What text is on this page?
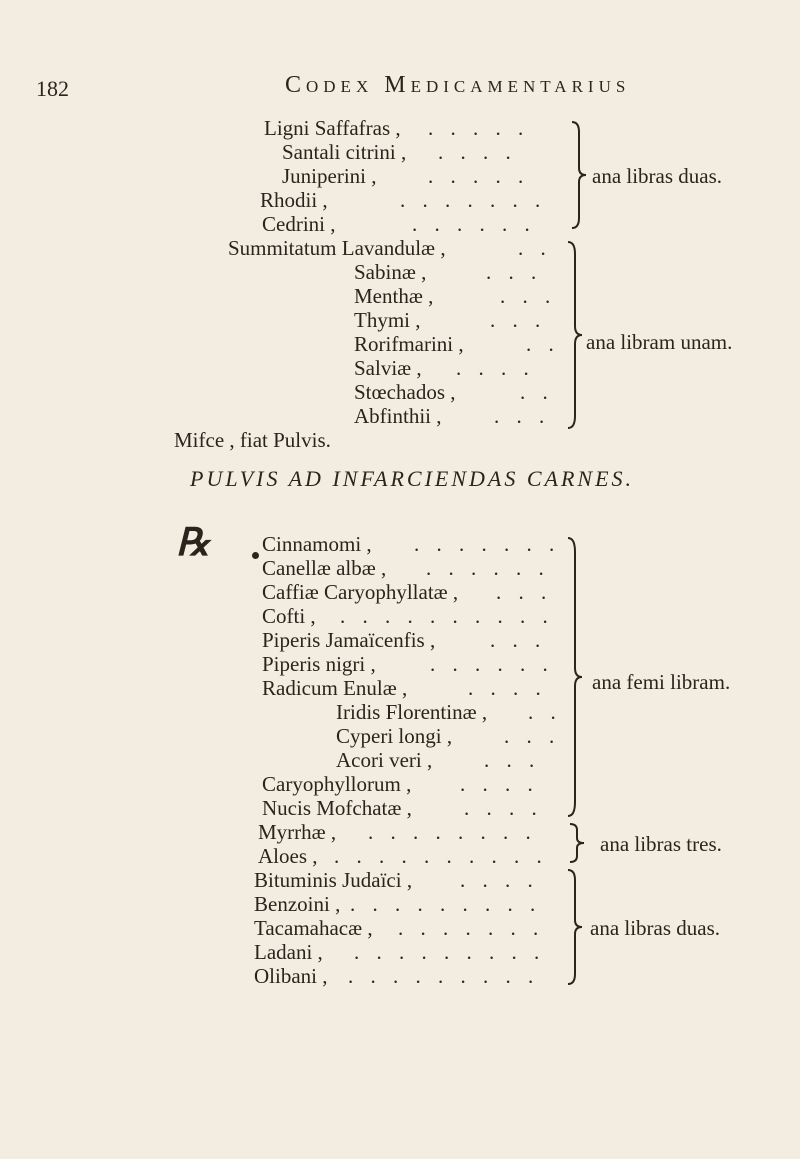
182	Codex Medicamentarius
Ligni Saffafras ,
Santali citrini ,
Juniperini ,
Rhodii ,
Cedrini ,
. . . . .
. . . .
. . . . .
. . . . . . .
. . . . . .
ana libras duas.
Summitatum Lavandulæ ,
Sabinæ ,
Menthæ ,
Thymi ,
Rorifmarini ,
Salviæ ,
Stœchados ,
Abfinthii ,
. .
. . .
. . .
. . .
. .
. . . .
. .
. . .
ana libram unam.
Mifce , fiat Pulvis.
PULVIS AD INFARCIENDAS CARNES.
℞ Cinnamomi ,
Canellæ albæ ,
Caffiæ Caryophyllatæ ,
Cofti ,
Piperis Jamaïcenfis ,
Piperis nigri ,
Radicum Enulæ ,
Iridis Florentinæ ,
Cyperi longi ,
Acori veri ,
Caryophyllorum ,
Nucis Mofchatæ ,
. . . . . . .
. . . . . .
. . .
. . . . . . . . . .
. . .
. . . . . .
. . . .
. .
. . .
. . .
. . . .
. . . .
ana femi libram.
Myrrhæ ,
Aloes ,
. . . . . . . .
. . . . . . . . . . ana libras tres.
Bituminis Judaïci ,
Benzoini ,
Tacamahacæ ,
Ladani ,
Olibani ,
. . . .
. . . . . . . . .
. . . . . . .
. . . . . . . . .
. . . . . . . . .
ana libras duas.
